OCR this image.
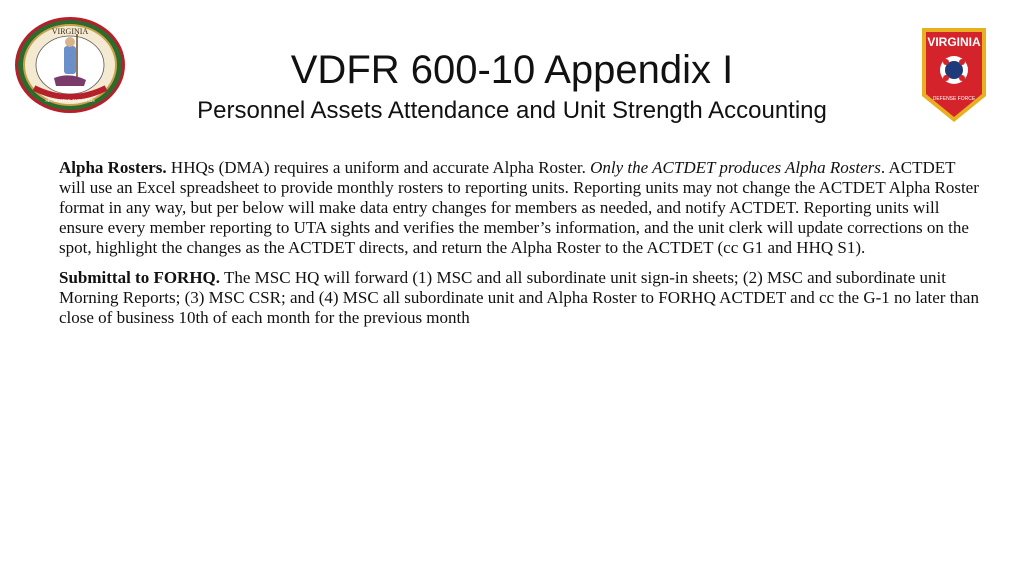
VIRGINIA
SIC SEMPER TYRANNIS
VIRGINIA
DEFENSE FORCE
VDFR 600-10 Appendix I
Personnel Assets Attendance and Unit Strength Accounting

Alpha Rosters. HHQs (DMA) requires a uniform and accurate Alpha Roster. Only the ACTDET produces Alpha Rosters. ACTDET will use an Excel spreadsheet to provide monthly rosters to reporting units. Reporting units may not change the ACTDET Alpha Roster format in any way, but per below will make data entry changes for members as needed, and notify ACTDET. Reporting units will ensure every member reporting to UTA sights and verifies the member’s information, and the unit clerk will update corrections on the spot, highlight the changes as the ACTDET directs, and return the Alpha Roster to the ACTDET (cc G1 and HHQ S1).

Submittal to FORHQ. The MSC HQ will forward (1) MSC and all subordinate unit sign-in sheets; (2) MSC and subordinate unit Morning Reports; (3) MSC CSR; and (4) MSC all subordinate unit and Alpha Roster to FORHQ ACTDET and cc the G-1 no later than close of business 10th of each month for the previous month
